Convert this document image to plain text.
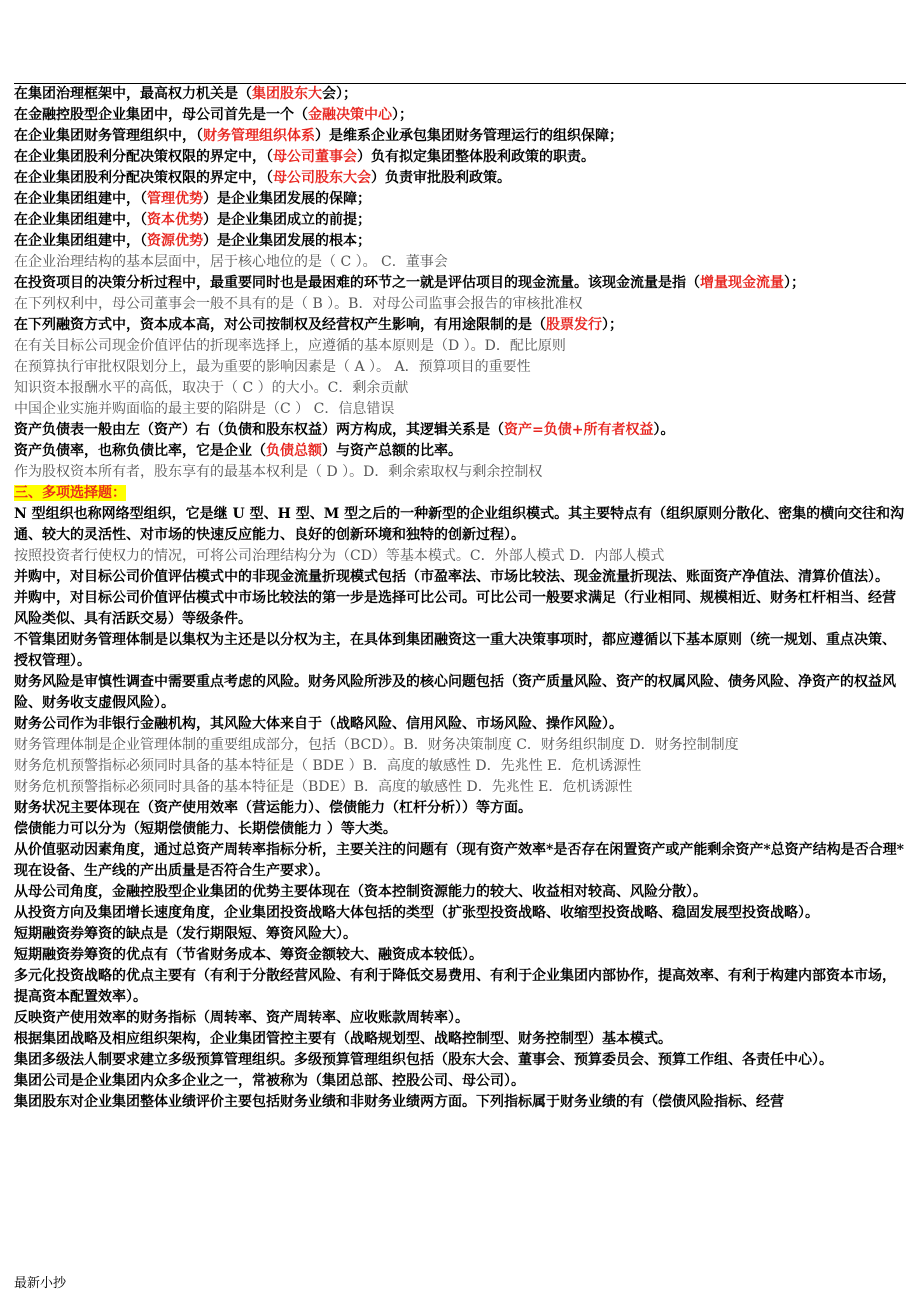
在集团治理框架中，最高权力机关是（集团股东大会）；

在金融控股型企业集团中，母公司首先是一个（金融决策中心）；

在企业集团财务管理组织中，（财务管理组织体系）是维系企业承包集团财务管理运行的组织保障；

在企业集团股利分配决策权限的界定中，（母公司董事会）负有拟定集团整体股利政策的职责。

在企业集团股利分配决策权限的界定中，（母公司股东大会）负责审批股利政策。

在企业集团组建中，（管理优势）是企业集团发展的保障；

在企业集团组建中，（资本优势）是企业集团成立的前提；

在企业集团组建中，（资源优势）是企业集团发展的根本；

在企业治理结构的基本层面中，居于核心地位的是（ C ）。 C．董事会

在投资项目的决策分析过程中，最重要同时也是最困难的环节之一就是评估项目的现金流量。该现金流量是指（增量现金流量）；

在下列权利中，母公司董事会一般不具有的是（ B ）。B．对母公司监事会报告的审核批准权

在下列融资方式中，资本成本高，对公司按制权及经营权产生影响，有用途限制的是（股票发行）；

在有关目标公司现金价值评估的折现率选择上，应遵循的基本原则是（D ）。D．配比原则

在预算执行审批权限划分上，最为重要的影响因素是（ A ）。 A．预算项目的重要性

知识资本报酬水平的高低，取决于（ C ）的大小。C．剩余贡献

中国企业实施并购面临的最主要的陷阱是（C ） C．信息错误

资产负债表一般由左（资产）右（负债和股东权益）两方构成，其逻辑关系是（资产=负债+所有者权益）。

资产负债率，也称负债比率，它是企业（负债总额）与资产总额的比率。

作为股权资本所有者，股东享有的最基本权利是（ D ）。D．剩余索取权与剩余控制权

三、多项选择题：

N 型组织也称网络型组织，它是继 U 型、H 型、M 型之后的一种新型的企业组织模式。其主要特点有（组织原则分散化、密集的横向交往和沟通、较大的灵活性、对市场的快速反应能力、良好的创新环境和独特的创新过程）。

按照投资者行使权力的情况，可将公司治理结构分为（CD）等基本模式。C．外部人模式 D．内部人模式

并购中，对目标公司价值评估模式中的非现金流量折现模式包括（市盈率法、市场比较法、现金流量折现法、账面资产净值法、清算价值法）。

并购中，对目标公司价值评估模式中市场比较法的第一步是选择可比公司。可比公司一般要求满足（行业相同、规模相近、财务杠杆相当、经营风险类似、具有活跃交易）等级条件。

不管集团财务管理体制是以集权为主还是以分权为主，在具体到集团融资这一重大决策事项时，都应遵循以下基本原则（统一规划、重点决策、授权管理）。

财务风险是审慎性调查中需要重点考虑的风险。财务风险所涉及的核心问题包括（资产质量风险、资产的权属风险、债务风险、净资产的权益风险、财务收支虚假风险）。

财务公司作为非银行金融机构，其风险大体来自于（战略风险、信用风险、市场风险、操作风险）。

财务管理体制是企业管理体制的重要组成部分，包括（BCD）。B．财务决策制度 C．财务组织制度 D．财务控制制度

财务危机预警指标必须同时具备的基本特征是（ BDE ）B．高度的敏感性 D．先兆性 E．危机诱源性

财务危机预警指标必须同时具备的基本特征是（BDE）B．高度的敏感性 D．先兆性 E．危机诱源性

财务状况主要体现在（资产使用效率（营运能力）、偿债能力（杠杆分析））等方面。

偿债能力可以分为（短期偿债能力、长期偿债能力 ）等大类。

从价值驱动因素角度，通过总资产周转率指标分析，主要关注的问题有（现有资产效率*是否存在闲置资产或产能剩余资产*总资产结构是否合理*现在设备、生产线的产出质量是否符合生产要求）。

从母公司角度，金融控股型企业集团的优势主要体现在（资本控制资源能力的较大、收益相对较高、风险分散）。

从投资方向及集团增长速度角度，企业集团投资战略大体包括的类型（扩张型投资战略、收缩型投资战略、稳固发展型投资战略）。

短期融资券筹资的缺点是（发行期限短、筹资风险大）。

短期融资券筹资的优点有（节省财务成本、筹资金额较大、融资成本较低）。

多元化投资战略的优点主要有（有利于分散经营风险、有利于降低交易费用、有利于企业集团内部协作，提高效率、有利于构建内部资本市场，提高资本配置效率）。

反映资产使用效率的财务指标（周转率、资产周转率、应收账款周转率）。

根据集团战略及相应组织架构，企业集团管控主要有（战略规划型、战略控制型、财务控制型）基本模式。

集团多级法人制要求建立多级预算管理组织。多级预算管理组织包括（股东大会、董事会、预算委员会、预算工作组、各责任中心）。

集团公司是企业集团内众多企业之一，常被称为（集团总部、控股公司、母公司）。

集团股东对企业集团整体业绩评价主要包括财务业绩和非财务业绩两方面。下列指标属于财务业绩的有（偿债风险指标、经营

最新小抄
